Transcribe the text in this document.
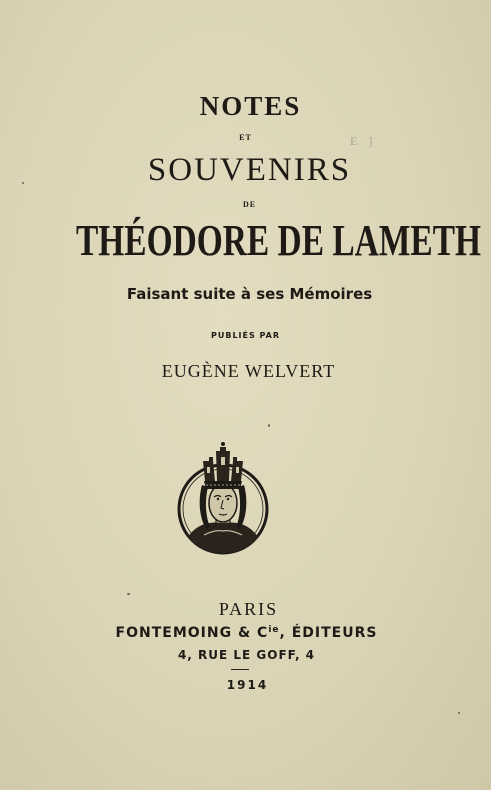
NOTES
ET
SOUVENIRS
DE
THÉODORE DE LAMETH
Faisant suite à ses Mémoires
PUBLIÉS PAR
EUGÈNE WELVERT
E ]
PARIS
FONTEMOING & $C^{ie}$, ÉDITEURS
4, RUE LE GOFF, 4
1914
